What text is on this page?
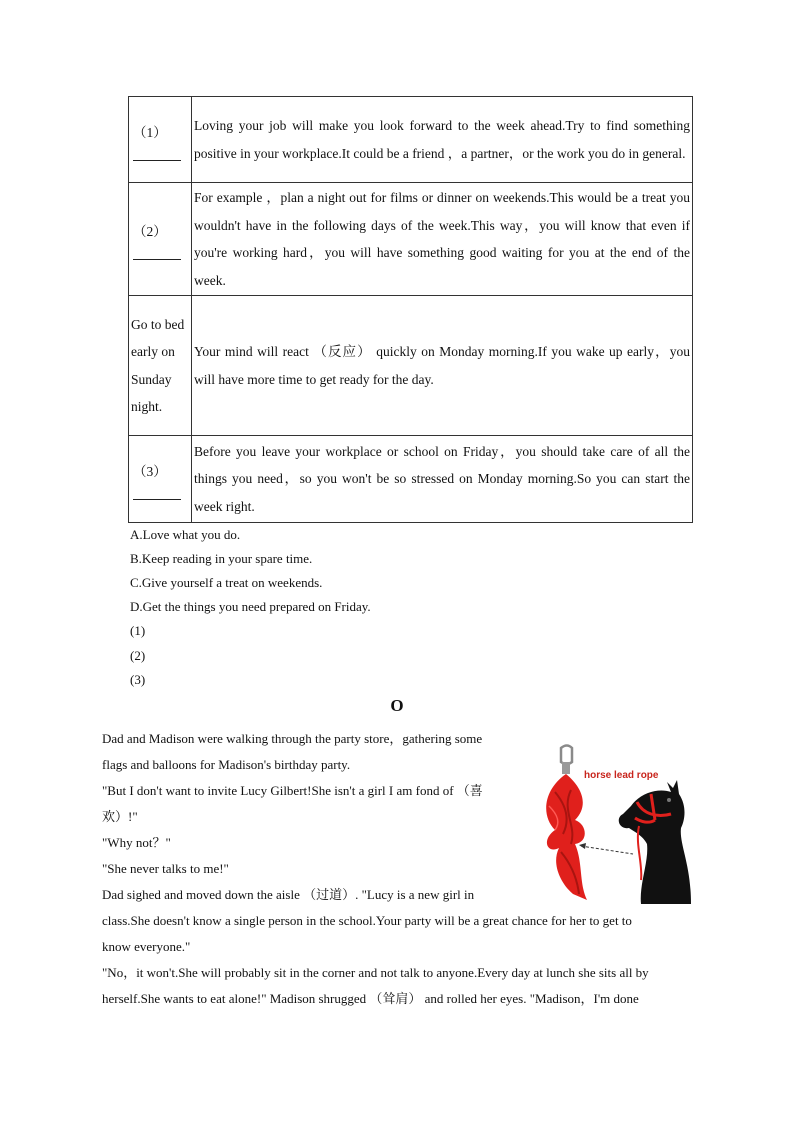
（1）	Loving your job will make you look forward to the week ahead.Try to find something positive in your workplace.It could be a friend ，a partner，or the work you do in general.
（2）	For example ，plan a night out for films or dinner on weekends.This would be a treat you wouldn't have in the following days of the week.This way，you will know that even if you're working hard，you will have something good waiting for you at the end of the week.
Go to bed early on Sunday night.	Your mind will react （反应） quickly on Monday morning.If you wake up early，you will have more time to get ready for the day.
（3）	Before you leave your workplace or school on Friday，you should take care of all the things you need，so you won't be so stressed on Monday morning.So you can start the week right.
A.Love what you do.
B.Keep reading in your spare time.
C.Give yourself a treat on weekends.
D.Get the things you need prepared on Friday.
(1)
(2)
(3)
O

Dad and Madison were walking through the party store，gathering some

flags and balloons for Madison's birthday party.

"But I don't want to invite Lucy Gilbert!She isn't a girl I am fond of （喜

欢）!"

"Why not？"

"She never talks to me!"

Dad sighed and moved down the aisle （过道）. "Lucy is a new girl in

class.She doesn't know a single person in the school.Your party will be a great chance for her to get to

know everyone."

"No，it won't.She will probably sit in the corner and not talk to anyone.Every day at lunch she sits all by

herself.She wants to eat alone!" Madison shrugged （耸肩） and rolled her eyes. "Madison，I'm done

horse lead rope
